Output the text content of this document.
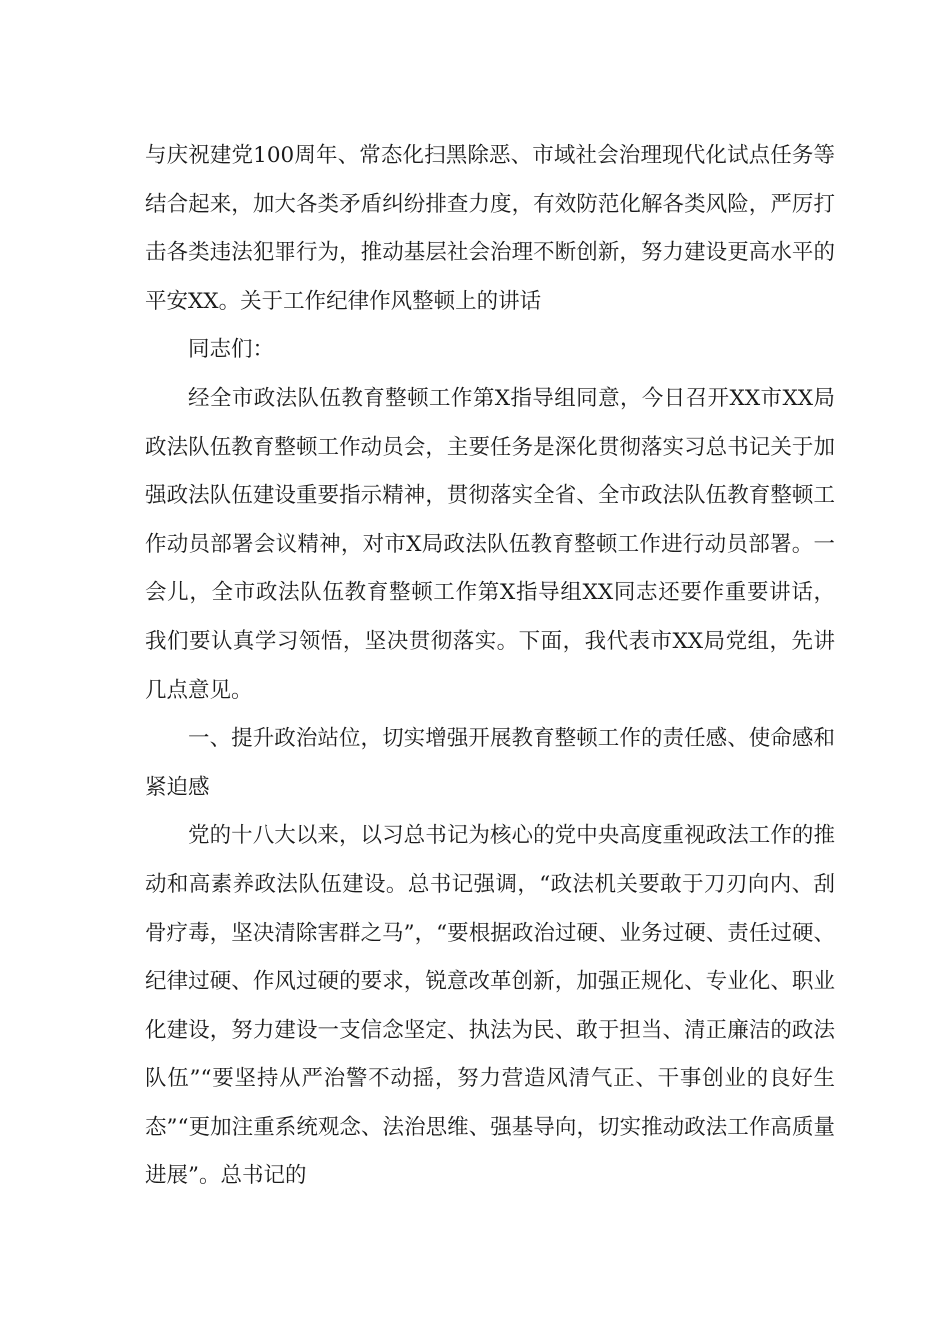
与庆祝建党100周年、常态化扫黑除恶、市域社会治理现代化试点任务等结合起来，加大各类矛盾纠纷排查力度，有效防范化解各类风险，严厉打击各类违法犯罪行为，推动基层社会治理不断创新，努力建设更高水平的平安XX。关于工作纪律作风整顿上的讲话

同志们：

经全市政法队伍教育整顿工作第X指导组同意，今日召开XX市XX局政法队伍教育整顿工作动员会，主要任务是深化贯彻落实习总书记关于加强政法队伍建设重要指示精神，贯彻落实全省、全市政法队伍教育整顿工作动员部署会议精神，对市X局政法队伍教育整顿工作进行动员部署。一会儿，全市政法队伍教育整顿工作第X指导组XX同志还要作重要讲话，我们要认真学习领悟，坚决贯彻落实。下面，我代表市XX局党组，先讲几点意见。

一、提升政治站位，切实增强开展教育整顿工作的责任感、使命感和紧迫感

党的十八大以来，以习总书记为核心的党中央高度重视政法工作的推动和高素养政法队伍建设。总书记强调，“政法机关要敢于刀刃向内、刮骨疗毒，坚决清除害群之马”，“要根据政治过硬、业务过硬、责任过硬、纪律过硬、作风过硬的要求，锐意改革创新，加强正规化、专业化、职业化建设，努力建设一支信念坚定、执法为民、敢于担当、清正廉洁的政法队伍”“要坚持从严治警不动摇，努力营造风清气正、干事创业的良好生态”“更加注重系统观念、法治思维、强基导向，切实推动政法工作高质量进展”。总书记的
